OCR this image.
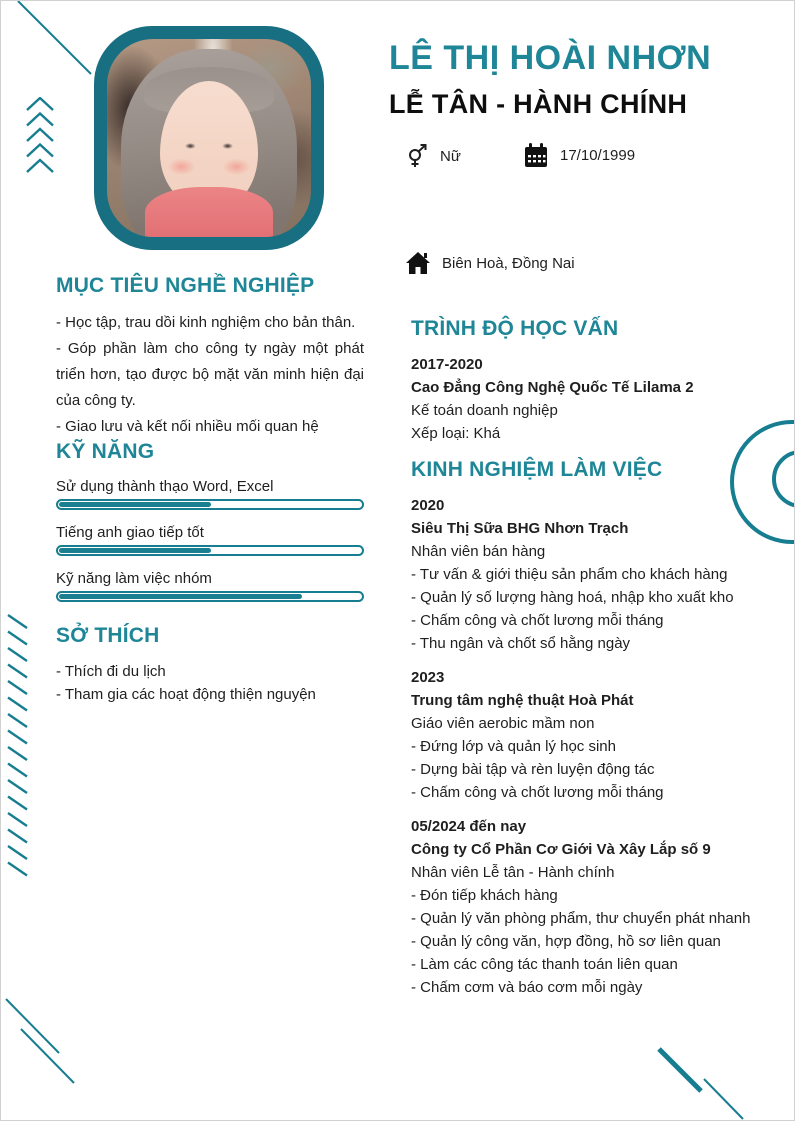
LÊ THỊ HOÀI NHƠN
LỄ TÂN - HÀNH CHÍNH
Nữ	17/10/1999
Biên Hoà, Đồng Nai
MỤC TIÊU NGHỀ NGHIỆP

- Học tập, trau dồi kinh nghiệm cho bản thân.

- Góp phần làm cho công ty ngày một phát triển hơn, tạo được bộ mặt văn minh hiện đại của công ty.

- Giao lưu và kết nối nhiều mối quan hệ

KỸ NĂNG
Sử dụng thành thạo Word, Excel
Tiếng anh giao tiếp tốt
Kỹ năng làm việc nhóm
SỞ THÍCH
- Thích đi du lịch
- Tham gia các hoạt động thiện nguyện
TRÌNH ĐỘ HỌC VẤN
2017-2020
Cao Đẳng Công Nghệ Quốc Tế Lilama 2
Kế toán doanh nghiệp
Xếp loại: Khá
KINH NGHIỆM LÀM VIỆC
2020
Siêu Thị Sữa BHG Nhơn Trạch
Nhân viên bán hàng
- Tư vấn & giới thiệu sản phẩm cho khách hàng
- Quản lý số lượng hàng hoá, nhập kho xuất kho
- Chấm công và chốt lương mỗi tháng
- Thu ngân và chốt sổ hằng ngày
2023
Trung tâm nghệ thuật Hoà Phát
Giáo viên aerobic mầm non
- Đứng lớp và quản lý học sinh
- Dựng bài tập và rèn luyện động tác
- Chấm công và chốt lương mỗi tháng
05/2024 đến nay
Công ty Cổ Phần Cơ Giới Và Xây Lắp số 9
Nhân viên Lễ tân - Hành chính
- Đón tiếp khách hàng
- Quản lý văn phòng phẩm, thư chuyển phát nhanh
- Quản lý công văn, hợp đồng, hồ sơ liên quan
- Làm các công tác thanh toán liên quan
- Chấm cơm và báo cơm mỗi ngày
